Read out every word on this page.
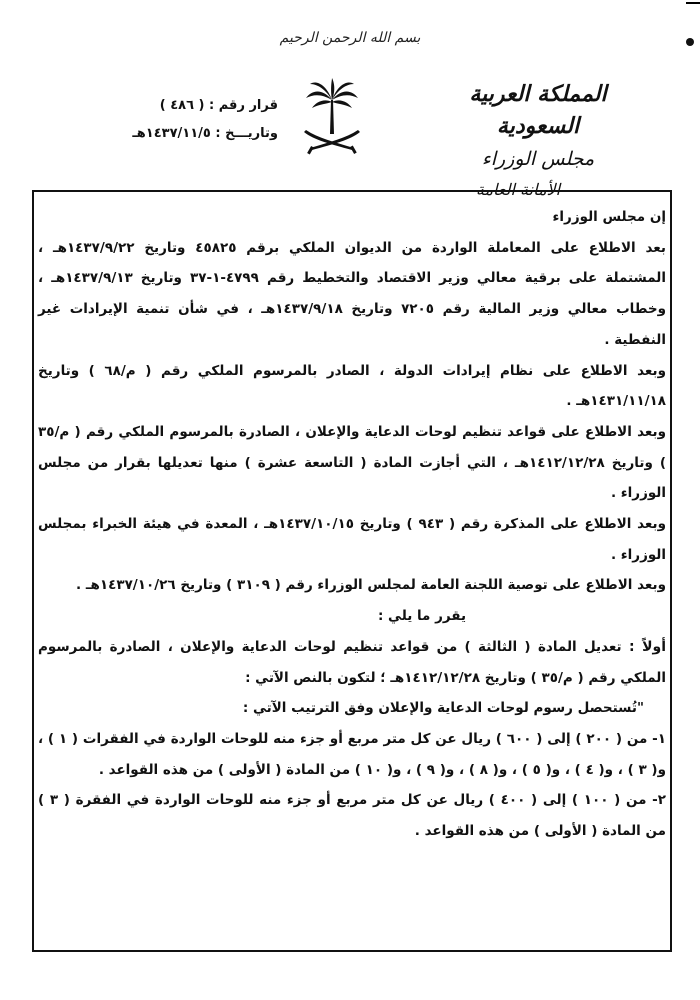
بسم الله الرحمن الرحيم
المملكة العربية السعودية
مجلس الوزراء
الأمانة العامة
قرار رقم : ( ٤٨٦ )
وتاريـــخ : ١٤٣٧/١١/٥هـ

إن مجلس الوزراء

بعد الاطلاع على المعاملة الواردة من الديوان الملكي برقم ٤٥٨٢٥ وتاريخ ١٤٣٧/٩/٢٢هـ ، المشتملة على برقية معالي وزير الاقتصاد والتخطيط رقم ٤٧٩٩-١-٣٧ وتاريخ ١٤٣٧/٩/١٣هـ ، وخطاب معالي وزير المالية رقم ٧٢٠٥ وتاريخ ١٤٣٧/٩/١٨هـ ، في شأن تنمية الإيرادات غير النفطية .

وبعد الاطلاع على نظام إيرادات الدولة ، الصادر بالمرسوم الملكي رقم ( م/٦٨ ) وتاريخ ١٤٣١/١١/١٨هـ .

وبعد الاطلاع على قواعد تنظيم لوحات الدعاية والإعلان ، الصادرة بالمرسوم الملكي رقم ( م/٣٥ ) وتاريخ ١٤١٢/١٢/٢٨هـ ، التي أجازت المادة ( التاسعة عشرة ) منها تعديلها بقرار من مجلس الوزراء .

وبعد الاطلاع على المذكرة رقم ( ٩٤٣ ) وتاريخ ١٤٣٧/١٠/١٥هـ ، المعدة في هيئة الخبراء بمجلس الوزراء .

وبعد الاطلاع على توصية اللجنة العامة لمجلس الوزراء رقم ( ٣١٠٩ ) وتاريخ ١٤٣٧/١٠/٢٦هـ .

يقرر ما يلي :

أولاً : تعديل المادة ( الثالثة ) من قواعد تنظيم لوحات الدعاية والإعلان ، الصادرة بالمرسوم الملكي رقم ( م/٣٥ ) وتاريخ ١٤١٢/١٢/٢٨هـ ؛ لتكون بالنص الآتي :

"تُستحصل رسوم لوحات الدعاية والإعلان وفق الترتيب الآتي :

١- من ( ٢٠٠ ) إلى ( ٦٠٠ ) ريال عن كل متر مربع أو جزء منه للوحات الواردة في الفقرات ( ١ ) ، و( ٣ ) ، و( ٤ ) ، و( ٥ ) ، و( ٨ ) ، و( ٩ ) ، و( ١٠ ) من المادة ( الأولى ) من هذه القواعد .

٢- من ( ١٠٠ ) إلى ( ٤٠٠ ) ريال عن كل متر مربع أو جزء منه للوحات الواردة في الفقرة ( ٣ ) من المادة ( الأولى ) من هذه القواعد .
